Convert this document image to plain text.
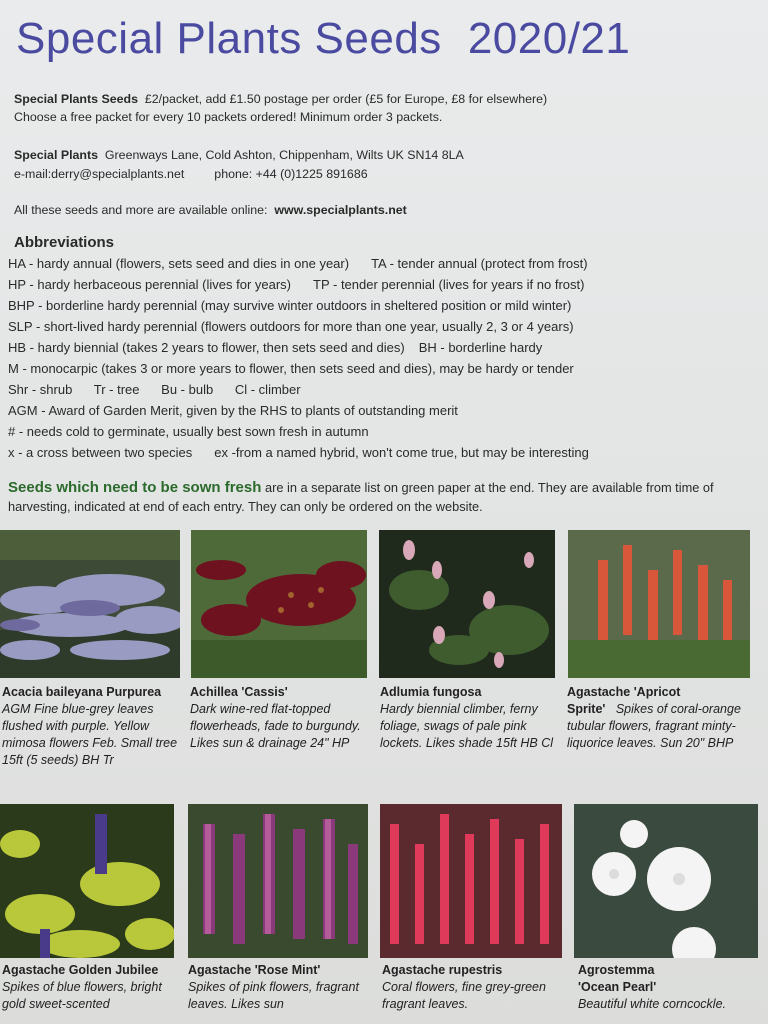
Special Plants Seeds 2020/21
Special Plants Seeds £2/packet, add £1.50 postage per order (£5 for Europe, £8 for elsewhere)
Choose a free packet for every 10 packets ordered! Minimum order 3 packets.
Special Plants Greenways Lane, Cold Ashton, Chippenham, Wilts UK SN14 8LA
e-mail:derry@specialplants.net phone: +44 (0)1225 891686
All these seeds and more are available online: www.specialplants.net
Abbreviations
HA - hardy annual (flowers, sets seed and dies in one year) TA - tender annual (protect from frost)
HP - hardy herbaceous perennial (lives for years) TP - tender perennial (lives for years if no frost)
BHP - borderline hardy perennial (may survive winter outdoors in sheltered position or mild winter)
SLP - short-lived hardy perennial (flowers outdoors for more than one year, usually 2, 3 or 4 years)
HB - hardy biennial (takes 2 years to flower, then sets seed and dies) BH - borderline hardy
M - monocarpic (takes 3 or more years to flower, then sets seed and dies), may be hardy or tender
Shr - shrub      Tr - tree      Bu - bulb      Cl - climber
AGM - Award of Garden Merit, given by the RHS to plants of outstanding merit
# - needs cold to germinate, usually best sown fresh in autumn
x - a cross between two species ex -from a named hybrid, won't come true, but may be interesting
Seeds which need to be sown fresh are in a separate list on green paper at the end. They are available from time of harvesting, indicated at end of each entry. They can only be ordered on the website.
Acacia baileyana Purpurea
AGM Fine blue-grey leaves flushed with purple. Yellow mimosa flowers Feb. Small tree 15ft (5 seeds) BH Tr
Achillea 'Cassis'
Dark wine-red flat-topped flowerheads, fade to burgundy. Likes sun & drainage 24" HP
Adlumia fungosa
Hardy biennial climber, ferny foliage, swags of pale pink lockets. Likes shade 15ft HB Cl
Agastache 'Apricot Sprite' Spikes of coral-orange tubular flowers, fragrant minty-liquorice leaves. Sun 20" BHP
Agastache Golden Jubilee
Spikes of blue flowers, bright gold sweet-scented
Agastache 'Rose Mint'
Spikes of pink flowers, fragrant leaves. Likes sun
Agastache rupestris
Coral flowers, fine grey-green fragrant leaves.
Agrostemma 'Ocean Pearl'
Beautiful white corncockle.
